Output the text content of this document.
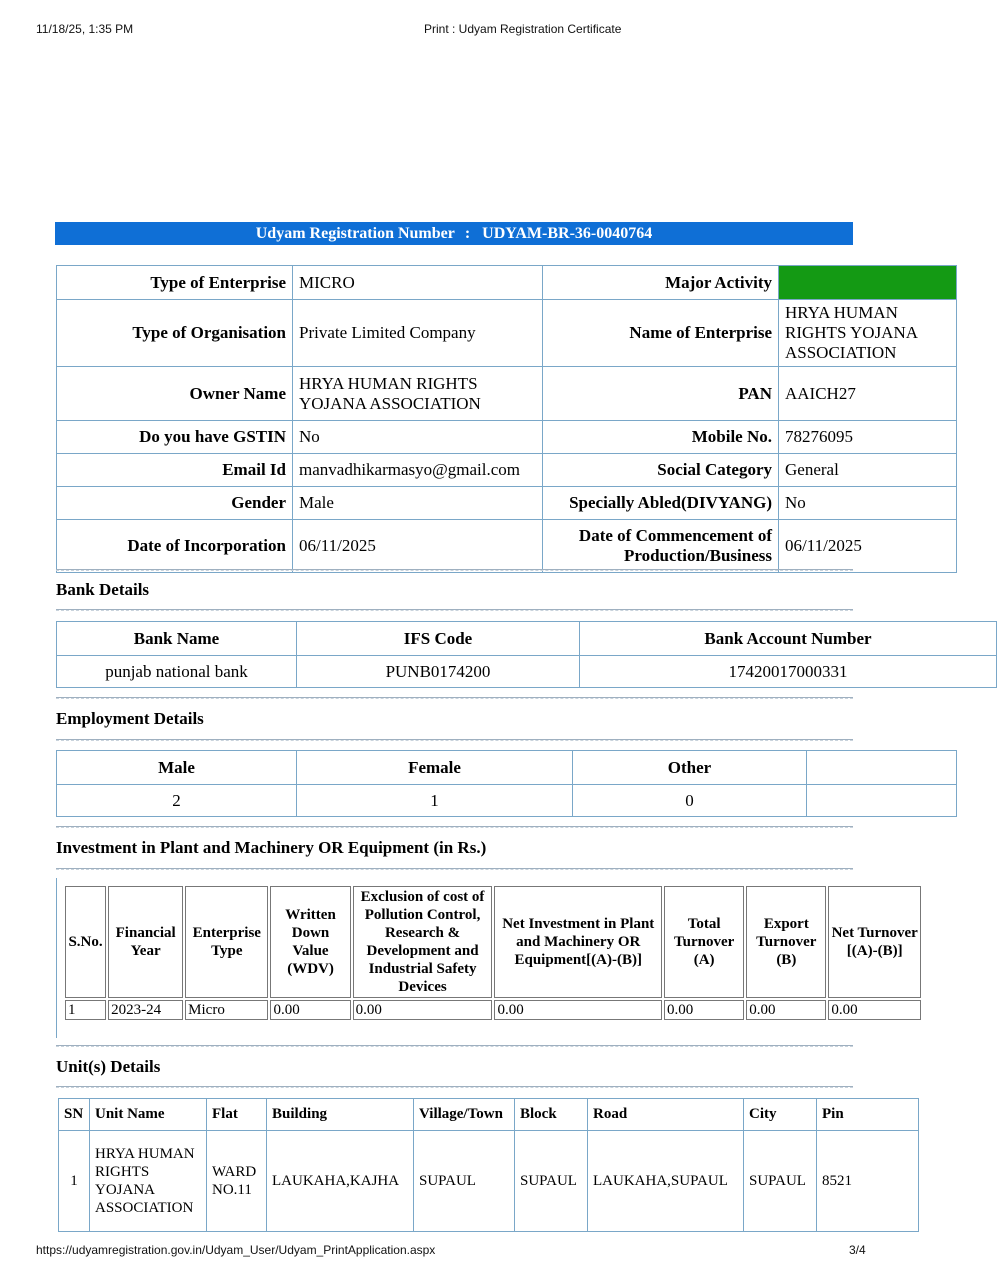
11/18/25, 1:35 PM	Print : Udyam Registration Certificate
Udyam Registration Number : UDYAM-BR-36-0040764
Type of Enterprise	MICRO	Major Activity	
Type of Organisation	Private Limited Company	Name of Enterprise	HRYA HUMAN RIGHTS YOJANA ASSOCIATION
Owner Name	HRYA HUMAN RIGHTS YOJANA ASSOCIATION	PAN	AAICH27
Do you have GSTIN	No	Mobile No.	78276095
Email Id	manvadhikarmasyo@gmail.com	Social Category	General
Gender	Male	Specially Abled(DIVYANG)	No
Date of Incorporation	06/11/2025	Date of Commencement of Production/Business	06/11/2025
Bank Details
Bank Name	IFS Code	Bank Account Number
punjab national bank	PUNB0174200	17420017000331
Employment Details
Male	Female	Other	
2	1	0	
Investment in Plant and Machinery OR Equipment (in Rs.)
S.No.	Financial Year	Enterprise Type	Written Down Value (WDV)	Exclusion of cost of Pollution Control, Research & Development and Industrial Safety Devices	Net Investment in Plant and Machinery OR Equipment[(A)-(B)]	Total Turnover (A)	Export Turnover (B)	Net Turnover [(A)-(B)]
1	2023-24	Micro	0.00	0.00	0.00	0.00	0.00	0.00
Unit(s) Details
SN	Unit Name	Flat	Building	Village/Town	Block	Road	City	Pin
1	HRYA HUMAN RIGHTS YOJANA ASSOCIATION	WARD NO.11	LAUKAHA,KAJHA	SUPAUL	SUPAUL	LAUKAHA,SUPAUL	SUPAUL	8521
https://udyamregistration.gov.in/Udyam_User/Udyam_PrintApplication.aspx	3/4
